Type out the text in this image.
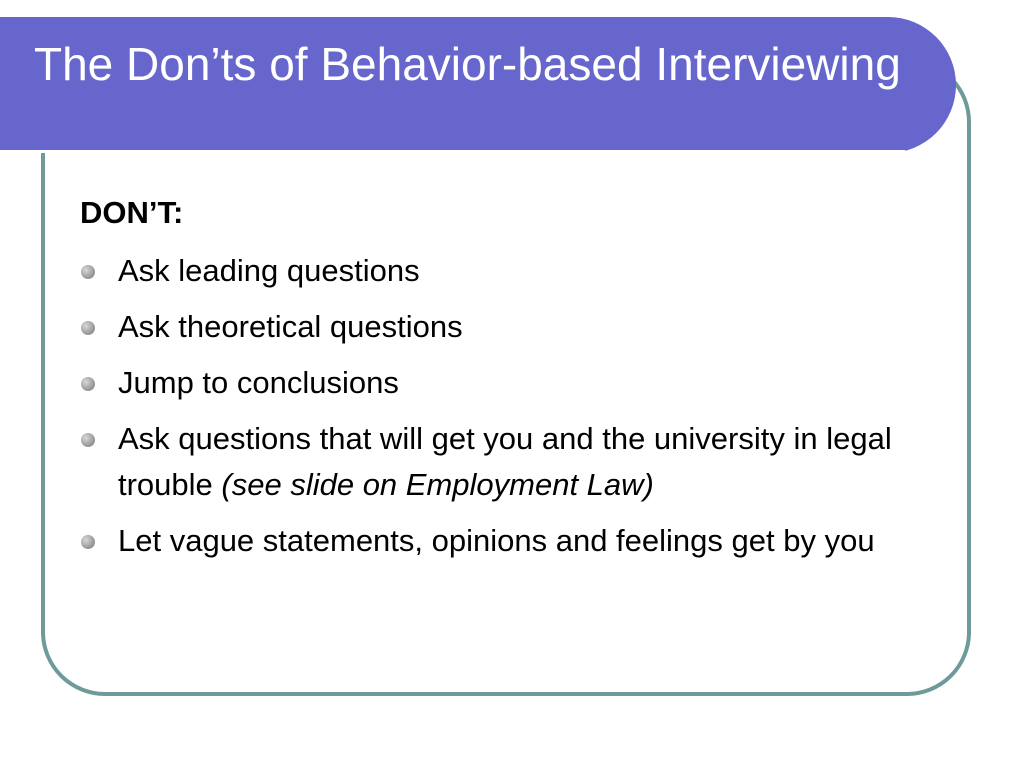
The Don’ts of Behavior-based Interviewing
DON’T:
Ask leading questions
Ask theoretical questions
Jump to conclusions
Ask questions that will get you and the university in legal trouble (see slide on Employment Law)
Let vague statements, opinions and feelings get by you
